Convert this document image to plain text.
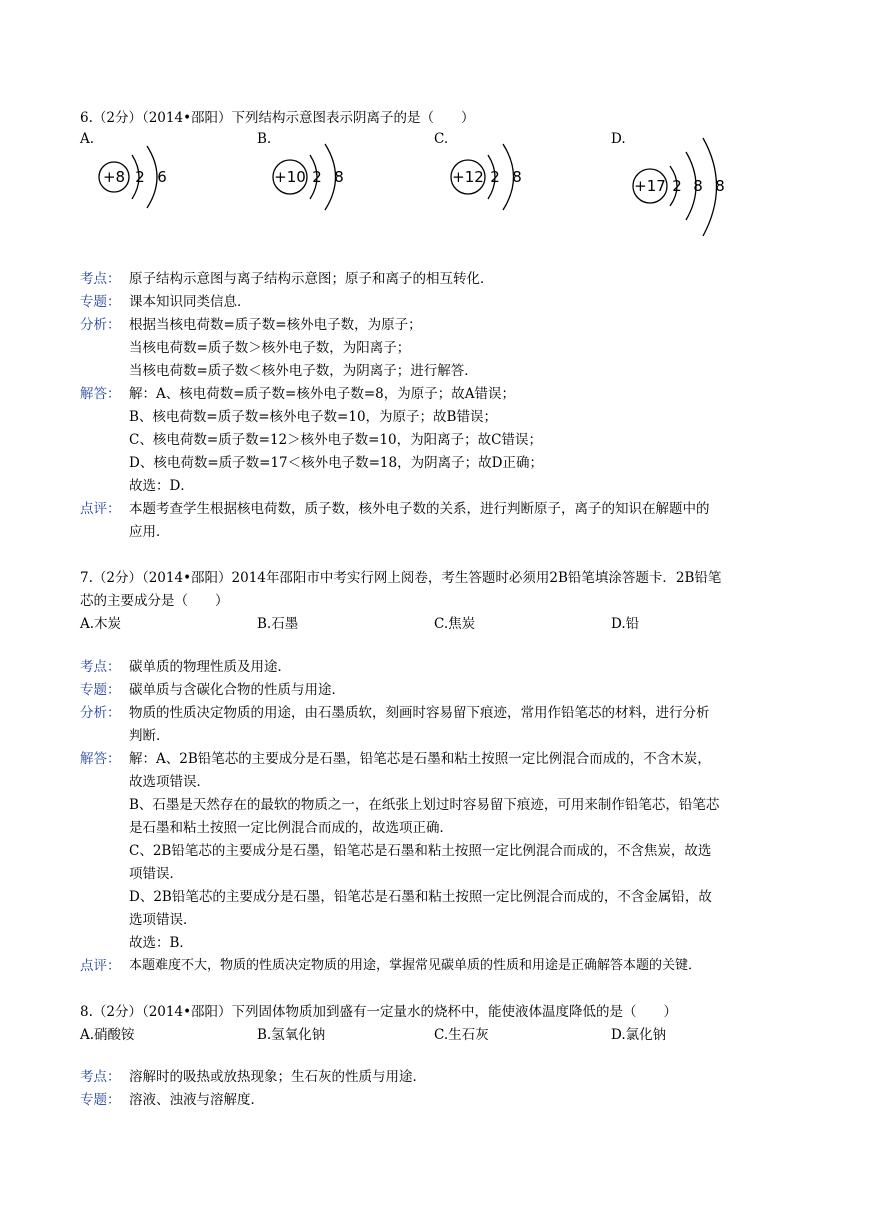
6.（2分）（2014•邵阳）下列结构示意图表示阴离子的是（　　）
A.	B.	C.	D.
+8 2 6	+10 2 8	+12 2 8	+17 2 8 8
考点： 原子结构示意图与离子结构示意图；原子和离子的相互转化．
专题： 课本知识同类信息．
分析： 根据当核电荷数=质子数=核外电子数，为原子；
当核电荷数=质子数＞核外电子数，为阳离子；
当核电荷数=质子数＜核外电子数，为阴离子；进行解答．
解答： 解：A、核电荷数=质子数=核外电子数=8，为原子；故A错误；
B、核电荷数=质子数=核外电子数=10，为原子；故B错误；
C、核电荷数=质子数=12＞核外电子数=10，为阳离子；故C错误；
D、核电荷数=质子数=17＜核外电子数=18，为阴离子；故D正确；
故选：D．
点评： 本题考查学生根据核电荷数，质子数，核外电子数的关系，进行判断原子，离子的知识在解题中的
应用．
7.（2分）（2014•邵阳）2014年邵阳市中考实行网上阅卷，考生答题时必须用2B铅笔填涂答题卡．2B铅笔
芯的主要成分是（　　）
A.木炭	B.石墨	C.焦炭	D.铅
考点： 碳单质的物理性质及用途．
专题： 碳单质与含碳化合物的性质与用途．
分析： 物质的性质决定物质的用途，由石墨质软，刻画时容易留下痕迹，常用作铅笔芯的材料，进行分析
判断．
解答： 解：A、2B铅笔芯的主要成分是石墨，铅笔芯是石墨和粘土按照一定比例混合而成的，不含木炭，
故选项错误．
B、石墨是天然存在的最软的物质之一，在纸张上划过时容易留下痕迹，可用来制作铅笔芯，铅笔芯
是石墨和粘土按照一定比例混合而成的，故选项正确．
C、2B铅笔芯的主要成分是石墨，铅笔芯是石墨和粘土按照一定比例混合而成的，不含焦炭，故选
项错误．
D、2B铅笔芯的主要成分是石墨，铅笔芯是石墨和粘土按照一定比例混合而成的，不含金属铅，故
选项错误．
故选：B．
点评： 本题难度不大，物质的性质决定物质的用途，掌握常见碳单质的性质和用途是正确解答本题的关键．
8.（2分）（2014•邵阳）下列固体物质加到盛有一定量水的烧杯中，能使液体温度降低的是（　　）
A.硝酸铵	B.氢氧化钠	C.生石灰	D.氯化钠
考点： 溶解时的吸热或放热现象；生石灰的性质与用途．
专题： 溶液、浊液与溶解度．
